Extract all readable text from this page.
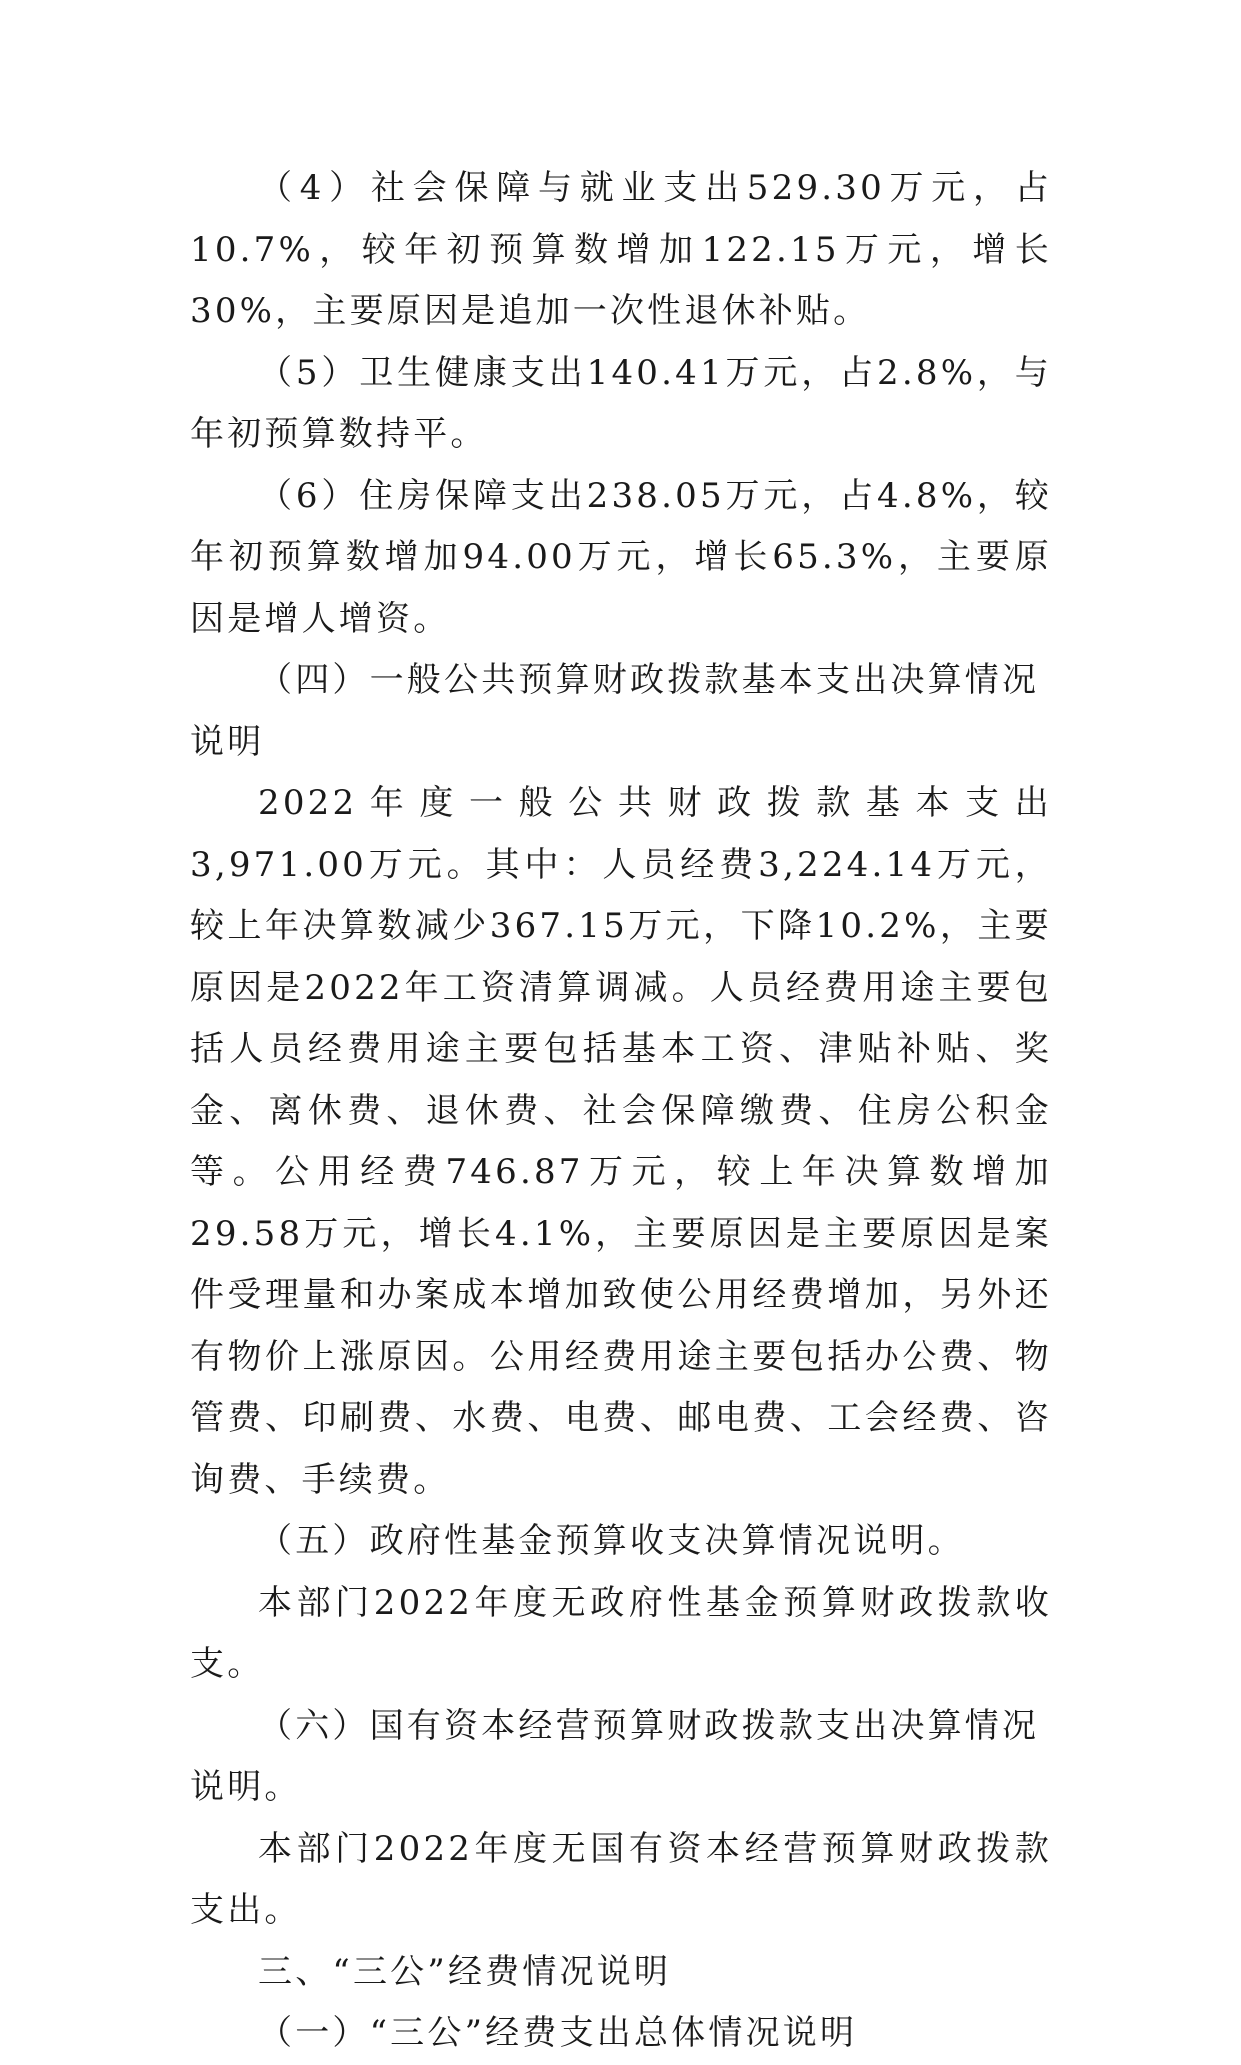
（4）社会保障与就业支出529.30万元，占10.7%，较年初预算数增加122.15万元，增长30%，主要原因是追加一次性退休补贴。

（5）卫生健康支出140.41万元，占2.8%，与年初预算数持平。

（6）住房保障支出238.05万元，占4.8%，较年初预算数增加94.00万元，增长65.3%，主要原因是增人增资。

（四）一般公共预算财政拨款基本支出决算情况说明

2022年度一般公共财政拨款基本支出3,971.00万元。其中：人员经费3,224.14万元，较上年决算数减少367.15万元，下降10.2%，主要原因是2022年工资清算调减。人员经费用途主要包括人员经费用途主要包括基本工资、津贴补贴、奖金、离休费、退休费、社会保障缴费、住房公积金等。公用经费746.87万元，较上年决算数增加29.58万元，增长4.1%，主要原因是主要原因是案件受理量和办案成本增加致使公用经费增加，另外还有物价上涨原因。公用经费用途主要包括办公费、物管费、印刷费、水费、电费、邮电费、工会经费、咨询费、手续费。

（五）政府性基金预算收支决算情况说明。

本部门2022年度无政府性基金预算财政拨款收支。

（六）国有资本经营预算财政拨款支出决算情况说明。

本部门2022年度无国有资本经营预算财政拨款支出。

三、“三公”经费情况说明

（一）“三公”经费支出总体情况说明
